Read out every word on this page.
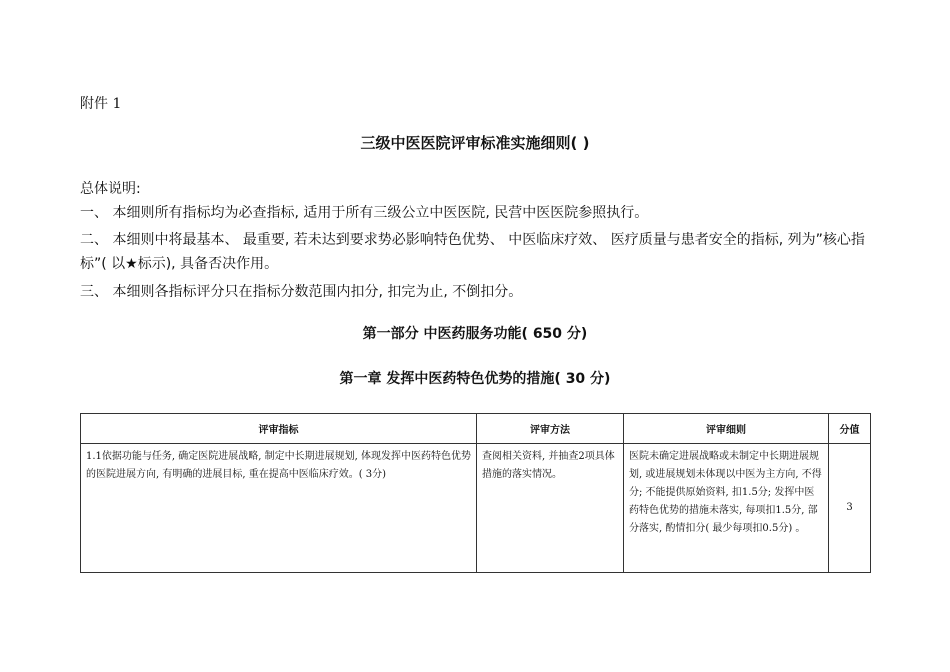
附件 1
三级中医医院评审标准实施细则( )
总体说明:
一、 本细则所有指标均为必查指标, 适用于所有三级公立中医医院, 民营中医医院参照执行。
二、 本细则中将最基本、 最重要, 若未达到要求势必影响特色优势、 中医临床疗效、 医疗质量与患者安全的指标, 列为”核心指标”( 以★标示), 具备否决作用。
三、 本细则各指标评分只在指标分数范围内扣分, 扣完为止, 不倒扣分。
第一部分 中医药服务功能( 650 分)
第一章 发挥中医药特色优势的措施( 30 分)
评审指标	评审方法	评审细则	分值
1.1依据功能与任务, 确定医院进展战略, 制定中长期进展规划, 体现发挥中医药特色优势的医院进展方向, 有明确的进展目标, 重在提高中医临床疗效。( 3分)	查阅相关资料, 并抽查2项具体措施的落实情况。	医院未确定进展战略或未制定中长期进展规划, 或进展规划未体现以中医为主方向, 不得分; 不能提供原始资料, 扣1.5分; 发挥中医药特色优势的措施未落实, 每项扣1.5分, 部分落实, 酌情扣分( 最少每项扣0.5分) 。	3
